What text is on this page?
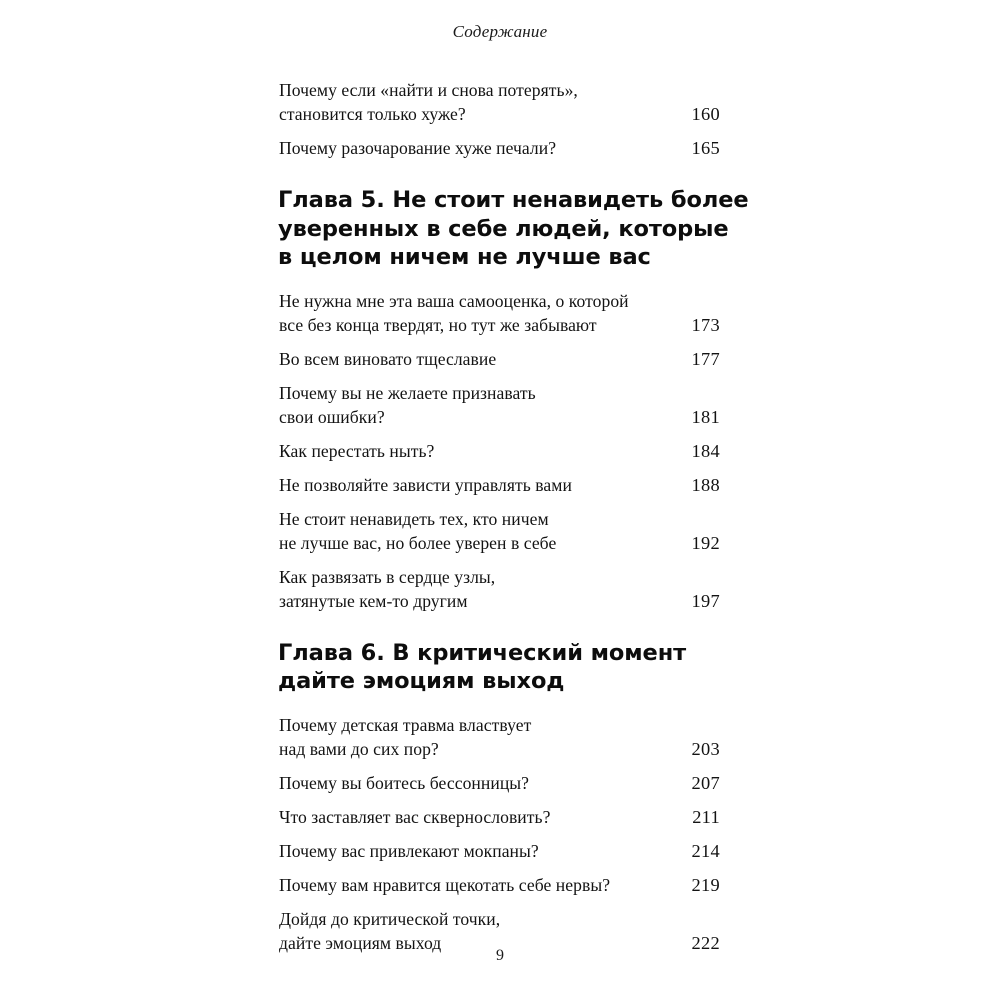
Содержание
Почему если «найти и снова потерять»,
становится только хуже?	160
Почему разочарование хуже печали?	165
Глава 5. Не стоит ненавидеть более
уверенных в себе людей, которые
в целом ничем не лучше вас
Не нужна мне эта ваша самооценка, о которой
все без конца твердят, но тут же забывают	173
Во всем виновато тщеславие	177
Почему вы не желаете признавать
свои ошибки?	181
Как перестать ныть?	184
Не позволяйте зависти управлять вами	188
Не стоит ненавидеть тех, кто ничем
не лучше вас, но более уверен в себе	192
Как развязать в сердце узлы,
затянутые кем-то другим	197
Глава 6. В критический момент
дайте эмоциям выход
Почему детская травма властвует
над вами до сих пор?	203
Почему вы боитесь бессонницы?	207
Что заставляет вас сквернословить?	211
Почему вас привлекают мокпаны?	214
Почему вам нравится щекотать себе нервы?	219
Дойдя до критической точки,
дайте эмоциям выход	222
9
